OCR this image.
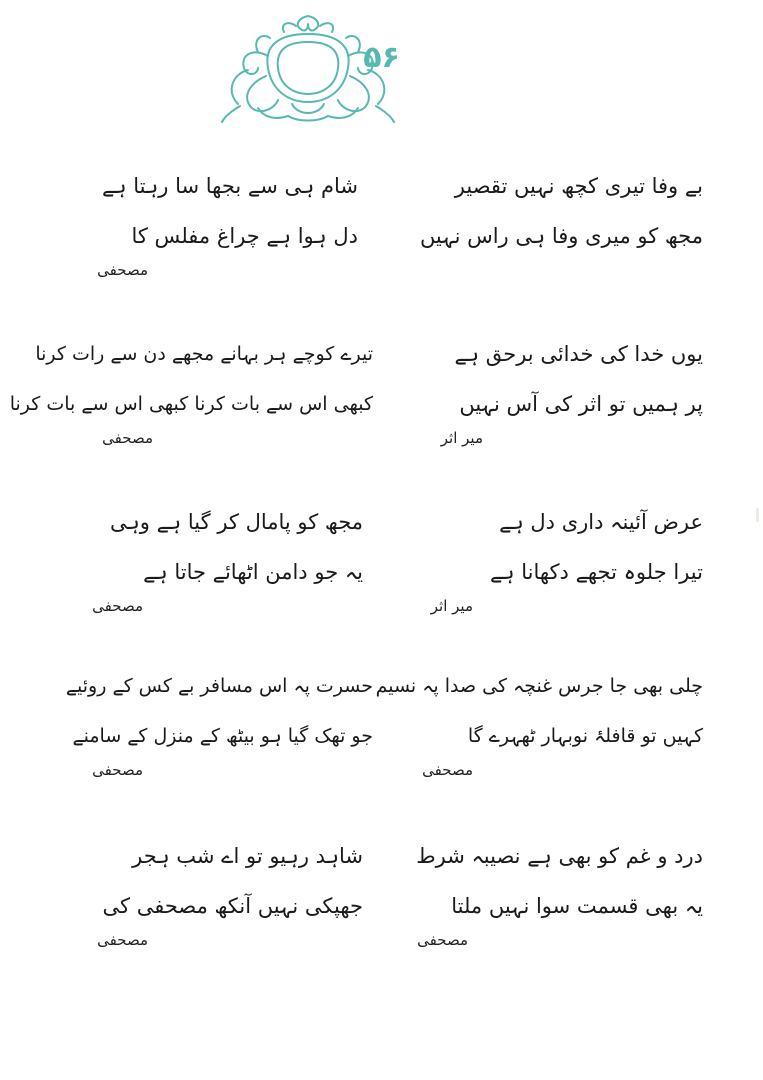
۵۶
بے وفا تیری کچھ نہیں تقصیر
مجھ کو میری وفا ہی راس نہیں
شام ہی سے بجھا سا رہتا ہے
دل ہوا ہے چراغ مفلس کا
مصحفی
یوں خدا کی خدائی برحق ہے
پر ہمیں تو اثر کی آس نہیں
میر اثر
تیرے کوچے ہر بہانے مجھے دن سے رات کرنا
کبھی اس سے بات کرنا کبھی اس سے بات کرنا
مصحفی
عرض آئینہ داری دل ہے
تیرا جلوہ تجھے دکھانا ہے
میر اثر
مجھ کو پامال کر گیا ہے وہی
یہ جو دامن اٹھائے جاتا ہے
مصحفی
چلی بھی جا جرس غنچہ کی صدا پہ نسیم
کہیں تو قافلۂ نوبہار ٹھہرے گا
مصحفی
حسرت پہ اس مسافر بے کس کے روئیے
جو تھک گیا ہو بیٹھ کے منزل کے سامنے
مصحفی
درد و غم کو بھی ہے نصیبہ شرط
یہ بھی قسمت سوا نہیں ملتا
مصحفی
شاہد رہیو تو اے شب ہجر
جھپکی نہیں آنکھ مصحفی کی
مصحفی
